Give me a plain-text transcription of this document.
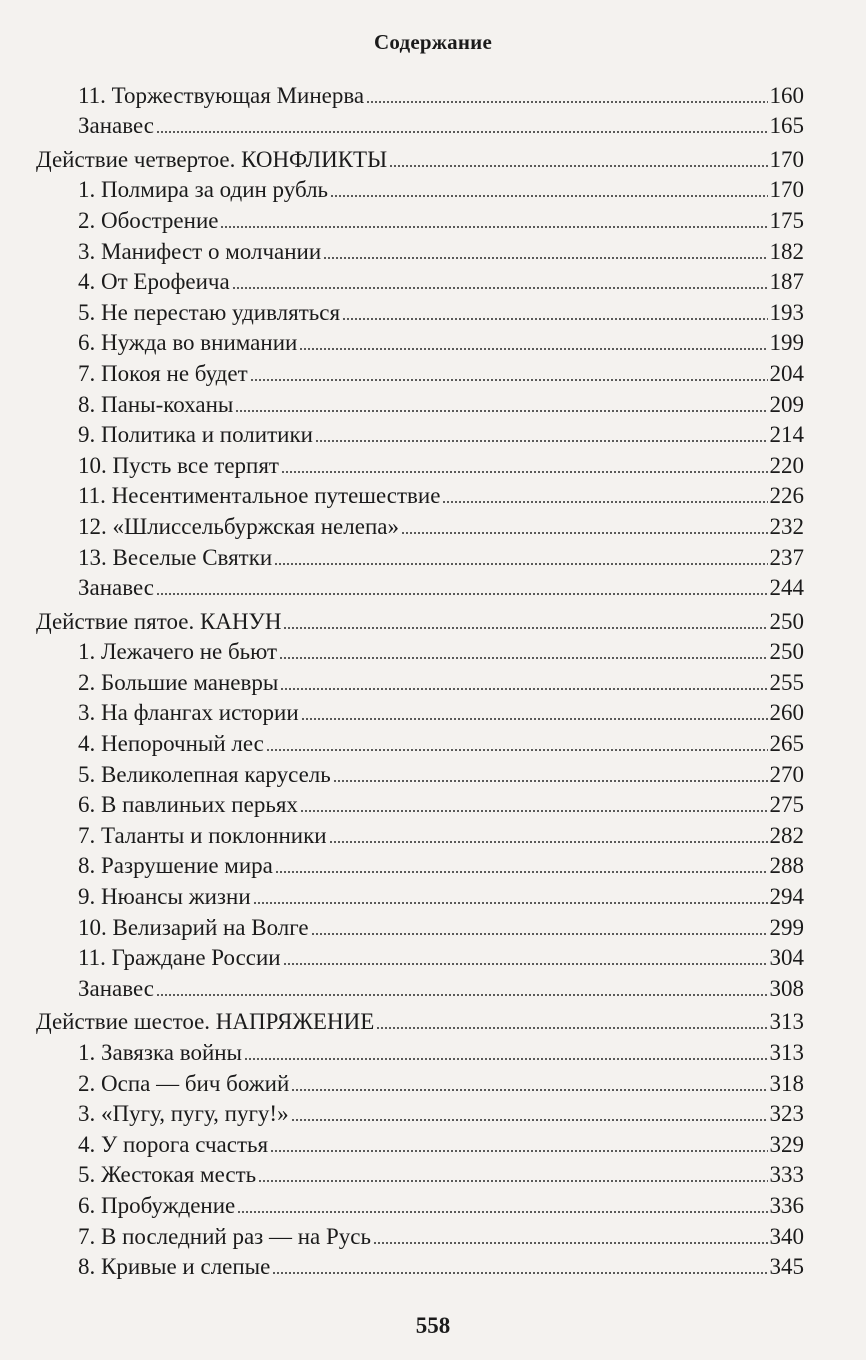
Содержание
11. Торжествующая Минерва	160
Занавес	165
Действие четвертое. КОНФЛИКТЫ	170
1. Полмира за один рубль	170
2. Обострение	175
3. Манифест о молчании	182
4. От Ерофеича	187
5. Не перестаю удивляться	193
6. Нужда во внимании	199
7. Покоя не будет	204
8. Паны-коханы	209
9. Политика и политики	214
10. Пусть все терпят	220
11. Несентиментальное путешествие	226
12. «Шлиссельбуржская нелепа»	232
13. Веселые Святки	237
Занавес	244
Действие пятое. КАНУН	250
1. Лежачего не бьют	250
2. Большие маневры	255
3. На флангах истории	260
4. Непорочный лес	265
5. Великолепная карусель	270
6. В павлиньих перьях	275
7. Таланты и поклонники	282
8. Разрушение мира	288
9. Нюансы жизни	294
10. Велизарий на Волге	299
11. Граждане России	304
Занавес	308
Действие шестое. НАПРЯЖЕНИЕ	313
1. Завязка войны	313
2. Оспа — бич божий	318
3. «Пугу, пугу, пугу!»	323
4. У порога счастья	329
5. Жестокая месть	333
6. Пробуждение	336
7. В последний раз — на Русь	340
8. Кривые и слепые	345
558
